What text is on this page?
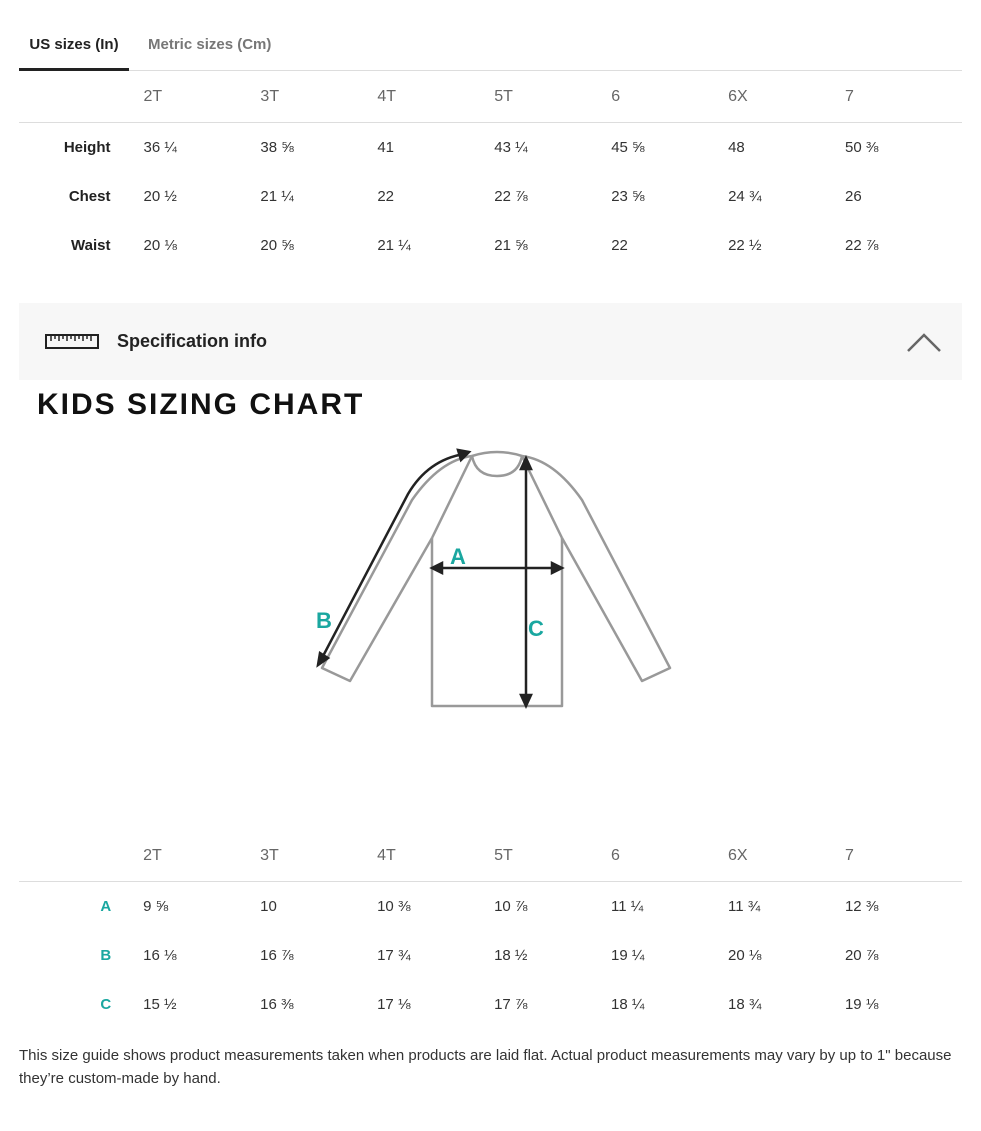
US sizes (In)	Metric sizes (Cm)
	2T	3T	4T	5T	6	6X	7
Height	36 ¼	38 ⅝	41	43 ¼	45 ⅝	48	50 ⅜
Chest	20 ½	21 ¼	22	22 ⅞	23 ⅝	24 ¾	26
Waist	20 ⅛	20 ⅝	21 ¼	21 ⅝	22	22 ½	22 ⅞
Specification info
KIDS SIZING CHART
A
B	C
	2T	3T	4T	5T	6	6X	7
A	9 ⅝	10	10 ⅜	10 ⅞	11 ¼	11 ¾	12 ⅜
B	16 ⅛	16 ⅞	17 ¾	18 ½	19 ¼	20 ⅛	20 ⅞
C	15 ½	16 ⅜	17 ⅛	17 ⅞	18 ¼	18 ¾	19 ⅛
This size guide shows product measurements taken when products are laid flat. Actual product measurements may vary by up to 1" because they’re custom-made by hand.
